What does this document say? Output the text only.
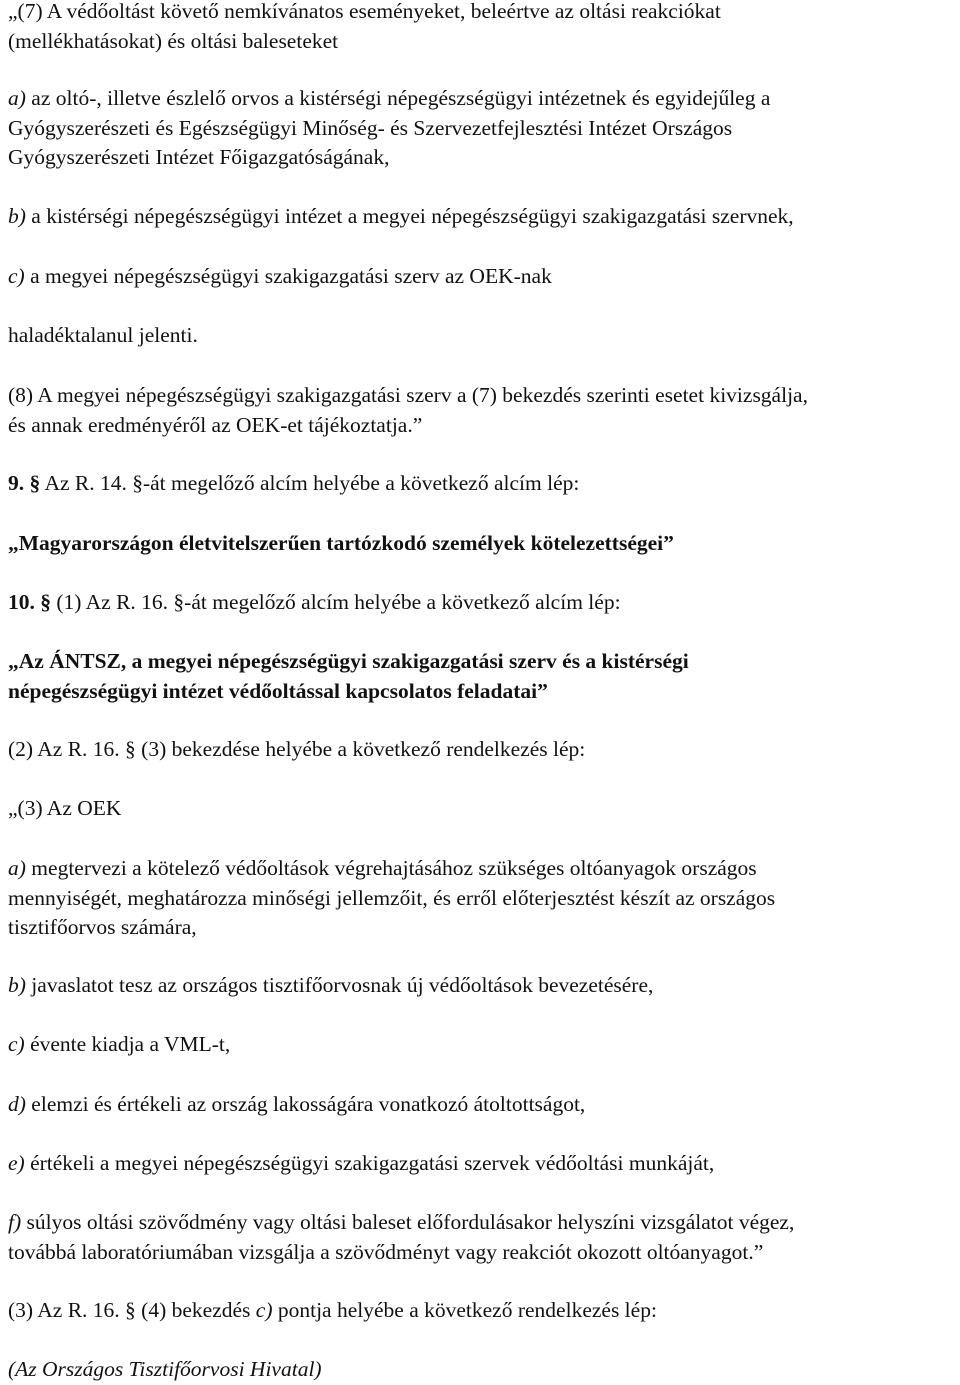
„(7) A védőoltást követő nemkívánatos eseményeket, beleértve az oltási reakciókat
(mellékhatásokat) és oltási baleseteket

a) az oltó-, illetve észlelő orvos a kistérségi népegészségügyi intézetnek és egyidejűleg a
Gyógyszerészeti és Egészségügyi Minőség- és Szervezetfejlesztési Intézet Országos
Gyógyszerészeti Intézet Főigazgatóságának,

b) a kistérségi népegészségügyi intézet a megyei népegészségügyi szakigazgatási szervnek,

c) a megyei népegészségügyi szakigazgatási szerv az OEK-nak

haladéktalanul jelenti.

(8) A megyei népegészségügyi szakigazgatási szerv a (7) bekezdés szerinti esetet kivizsgálja,
és annak eredményéről az OEK-et tájékoztatja.”

9. § Az R. 14. §-át megelőző alcím helyébe a következő alcím lép:

„Magyarországon életvitelszerűen tartózkodó személyek kötelezettségei”

10. § (1) Az R. 16. §-át megelőző alcím helyébe a következő alcím lép:

„Az ÁNTSZ, a megyei népegészségügyi szakigazgatási szerv és a kistérségi
népegészségügyi intézet védőoltással kapcsolatos feladatai”

(2) Az R. 16. § (3) bekezdése helyébe a következő rendelkezés lép:

„(3) Az OEK

a) megtervezi a kötelező védőoltások végrehajtásához szükséges oltóanyagok országos
mennyiségét, meghatározza minőségi jellemzőit, és erről előterjesztést készít az országos
tisztifőorvos számára,

b) javaslatot tesz az országos tisztifőorvosnak új védőoltások bevezetésére,

c) évente kiadja a VML-t,

d) elemzi és értékeli az ország lakosságára vonatkozó átoltottságot,

e) értékeli a megyei népegészségügyi szakigazgatási szervek védőoltási munkáját,

f) súlyos oltási szövődmény vagy oltási baleset előfordulásakor helyszíni vizsgálatot végez,
továbbá laboratóriumában vizsgálja a szövődményt vagy reakciót okozott oltóanyagot.”

(3) Az R. 16. § (4) bekezdés c) pontja helyébe a következő rendelkezés lép:

(Az Országos Tisztifőorvosi Hivatal)
